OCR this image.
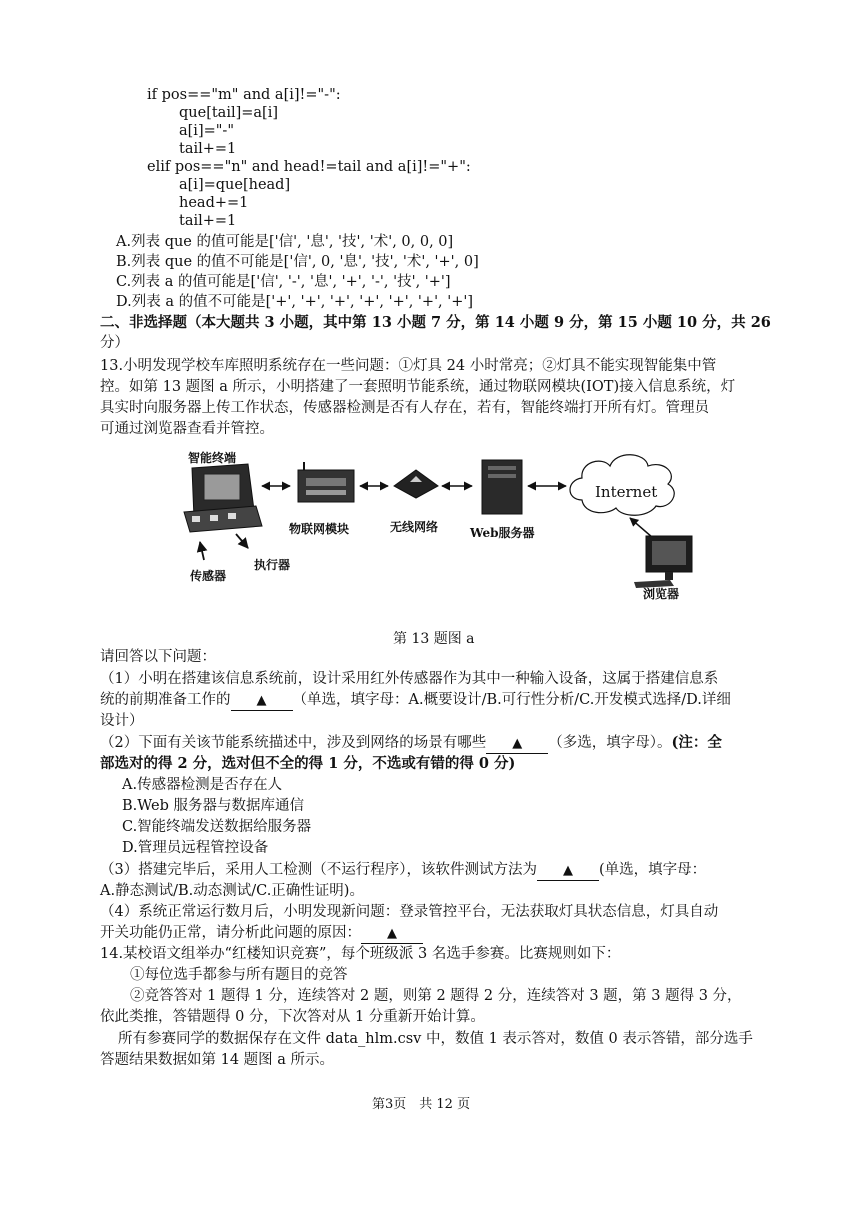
if pos=="m" and a[i]!="-":
que[tail]=a[i]
a[i]="-"
tail+=1
elif pos=="n" and head!=tail and a[i]!="+":
a[i]=que[head]
head+=1
tail+=1
A.列表 que 的值可能是['信', '息', '技', '术', 0, 0, 0]
B.列表 que 的值不可能是['信', 0, '息', '技', '术', '+', 0]
C.列表 a 的值可能是['信', '-', '息', '+', '-', '技', '+']
D.列表 a 的值不可能是['+', '+', '+', '+', '+', '+', '+']
二、非选择题（本大题共 3 小题，其中第 13 小题 7 分，第 14 小题 9 分，第 15 小题 10 分，共 26
分）
13.小明发现学校车库照明系统存在一些问题：①灯具 24 小时常亮；②灯具不能实现智能集中管
控。如第 13 题图 a 所示，小明搭建了一套照明节能系统，通过物联网模块(IOT)接入信息系统，灯
具实时向服务器上传工作状态，传感器检测是否有人存在，若有，智能终端打开所有灯。管理员
可通过浏览器查看并管控。
智能终端
物联网模块	无线网络	Web服务器
Internet
传感器
执行器
浏览器
第 13 题图 a
请回答以下问题：
（1）小明在搭建该信息系统前，设计采用红外传感器作为其中一种输入设备，这属于搭建信息系
统的前期准备工作的 ▲ （单选，填字母：A.概要设计/B.可行性分析/C.开发模式选择/D.详细
设计）
（2）下面有关该节能系统描述中，涉及到网络的场景有哪些 ▲ （多选，填字母）。(注：全
部选对的得 2 分，选对但不全的得 1 分，不选或有错的得 0 分)
A.传感器检测是否存在人
B.Web 服务器与数据库通信
C.智能终端发送数据给服务器
D.管理员远程管控设备
（3）搭建完毕后，采用人工检测（不运行程序），该软件测试方法为 ▲ (单选，填字母：
A.静态测试/B.动态测试/C.正确性证明)。
（4）系统正常运行数月后，小明发现新问题：登录管控平台，无法获取灯具状态信息，灯具自动
开关功能仍正常，请分析此问题的原因： ▲
14.某校语文组举办“红楼知识竞赛”，每个班级派 3 名选手参赛。比赛规则如下：
①每位选手都参与所有题目的竞答
②竞答答对 1 题得 1 分，连续答对 2 题，则第 2 题得 2 分，连续答对 3 题，第 3 题得 3 分，
依此类推，答错题得 0 分，下次答对从 1 分重新开始计算。
所有参赛同学的数据保存在文件 data_hlm.csv 中，数值 1 表示答对，数值 0 表示答错，部分选手
答题结果数据如第 14 题图 a 所示。
第3页　共 12 页
